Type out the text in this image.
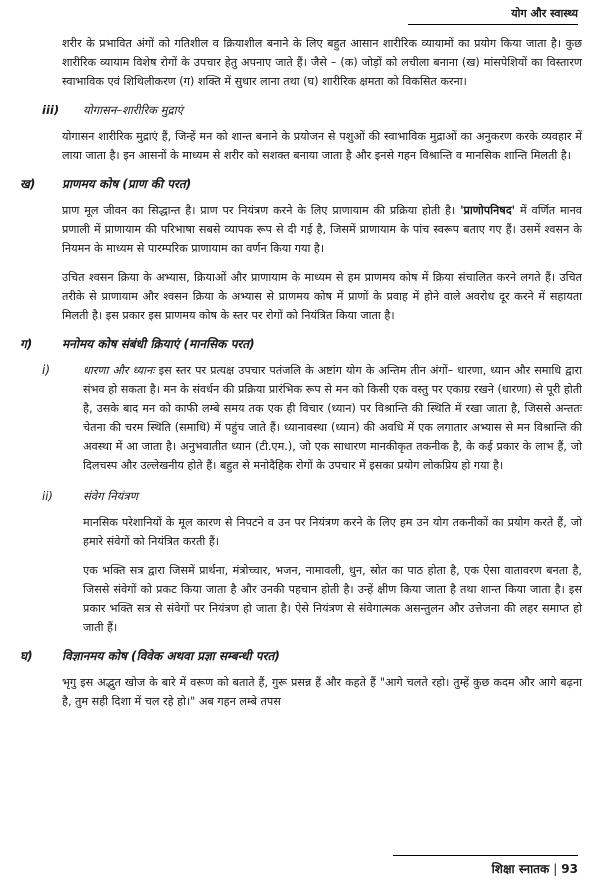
योग और स्वास्थ्य

शरीर के प्रभावित अंगों को गतिशील व क्रियाशील बनाने के लिए बहुत आसान शारीरिक व्यायामों का प्रयोग किया जाता है। कुछ शारीरिक व्यायाम विशेष रोगों के उपचार हेतु अपनाए जाते हैं। जैसे – (क) जोड़ों को लचीला बनाना (ख) मांसपेशियों का विस्तारण स्वाभाविक एवं शिथिलीकरण (ग) शक्ति में सुधार लाना तथा (घ) शारीरिक क्षमता को विकसित करना।

iii)	योगासन–शारीरिक मुद्राएं

योगासन शारीरिक मुद्राएं हैं, जिन्हें मन को शान्त बनाने के प्रयोजन से पशुओं की स्वाभाविक मुद्राओं का अनुकरण करके व्यवहार में लाया जाता है। इन आसनों के माध्यम से शरीर को सशक्त बनाया जाता है और इनसे गहन विश्रान्ति व मानसिक शान्ति मिलती है।

ख)	प्राणमय कोष (प्राण की परत)

प्राण मूल जीवन का सिद्धान्त है। प्राण पर नियंत्रण करने के लिए प्राणायाम की प्रक्रिया होती है। 'प्राणोपनिषद' में वर्णित मानव प्रणाली में प्राणायाम की परिभाषा सबसे व्यापक रूप से दी गई है, जिसमें प्राणायाम के पांच स्वरूप बताए गए हैं। उसमें श्वसन के नियमन के माध्यम से पारम्परिक प्राणायाम का वर्णन किया गया है।

उचित श्वसन क्रिया के अभ्यास, क्रियाओं और प्राणायाम के माध्यम से हम प्राणमय कोष में क्रिया संचालित करने लगते हैं। उचित तरीके से प्राणायाम और श्वसन क्रिया के अभ्यास से प्राणमय कोष में प्राणों के प्रवाह में होने वाले अवरोध दूर करने में सहायता मिलती है। इस प्रकार इस प्राणमय कोष के स्तर पर रोगों को नियंत्रित किया जाता है।

ग)	मनोमय कोष संबंधी क्रियाएं (मानसिक परत)
i)	धारणा और ध्यानः इस स्तर पर प्रत्यक्ष उपचार पतंजलि के अष्टांग योग के अन्तिम तीन अंगों– धारणा, ध्यान और समाधि द्वारा संभव हो सकता है। मन के संवर्धन की प्रक्रिया प्रारंभिक रूप से मन को किसी एक वस्तु पर एकाग्र रखने (धारणा) से पूरी होती है, उसके बाद मन को काफी लम्बे समय तक एक ही विचार (ध्यान) पर विश्रान्ति की स्थिति में रखा जाता है, जिससे अन्ततः चेतना की चरम स्थिति (समाधि) में पहुंच जाते हैं। ध्यानावस्था (ध्यान) की अवधि में एक लगातार अभ्यास से मन विश्रान्ति की अवस्था में आ जाता है। अनुभवातीत ध्यान (टी.एम.), जो एक साधारण मानकीकृत तकनीक है, के कई प्रकार के लाभ हैं, जो दिलचस्प और उल्लेखनीय होते हैं। बहुत से मनोदैहिक रोगों के उपचार में इसका प्रयोग लोकप्रिय हो गया है।

ii)	संवेग नियंत्रण

मानसिक परेशानियों के मूल कारण से निपटने व उन पर नियंत्रण करने के लिए हम उन योग तकनीकों का प्रयोग करते हैं, जो हमारे संवेगों को नियंत्रित करती हैं।

एक भक्ति सत्र द्वारा जिसमें प्रार्थना, मंत्रोच्चार, भजन, नामावली, धुन, स्रोत का पाठ होता है, एक ऐसा वातावरण बनता है, जिससे संवेगों को प्रकट किया जाता है और उनकी पहचान होती है। उन्हें क्षीण किया जाता है तथा शान्त किया जाता है। इस प्रकार भक्ति सत्र से संवेगों पर नियंत्रण हो जाता है। ऐसे नियंत्रण से संवेगात्मक असन्तुलन और उत्तेजना की लहर समाप्त हो जाती हैं।

घ)	विज्ञानमय कोष (विवेक अथवा प्रज्ञा सम्बन्धी परत)

भृगु इस अद्भुत खोज के बारे में वरूण को बताते हैं, गुरू प्रसन्न हैं और कहते हैं "आगे चलते रहो। तुम्हें कुछ कदम और आगे बढ़ना है, तुम सही दिशा में चल रहे हो।" अब गहन लम्बे तपस

शिक्षा स्नातक | 93
